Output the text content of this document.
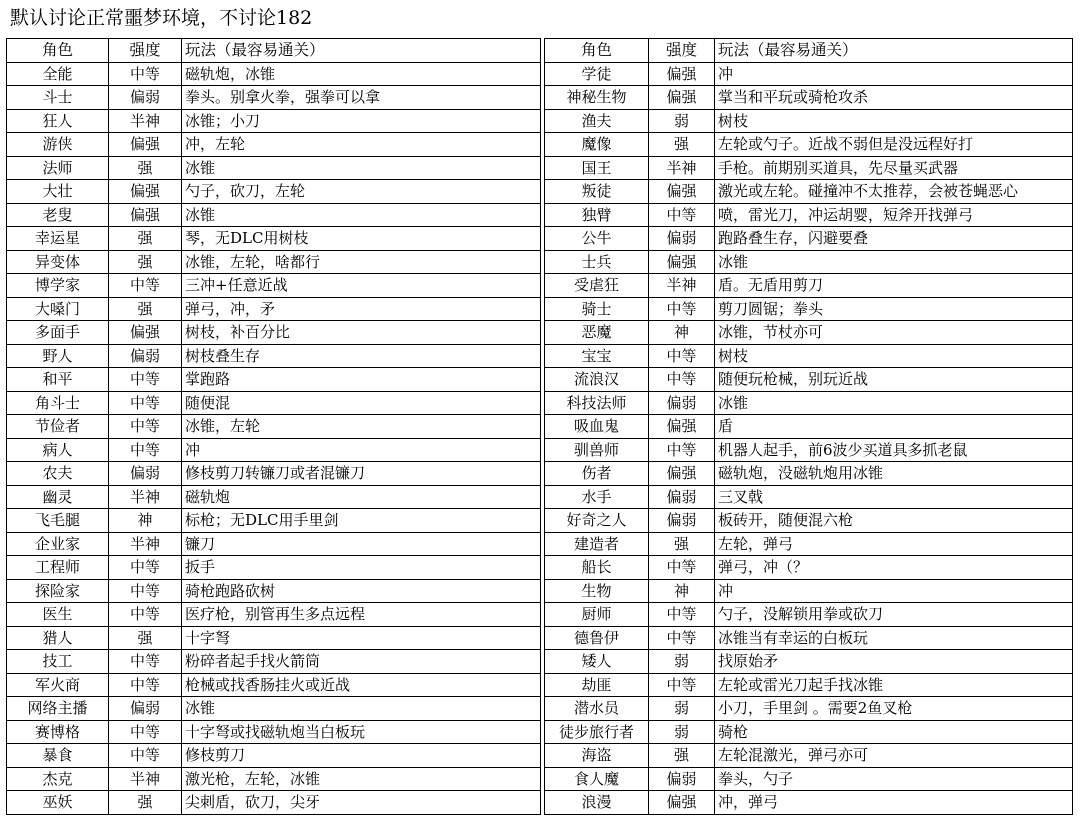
默认讨论正常噩梦环境，不讨论182
角色	强度	玩法（最容易通关）		角色	强度	玩法（最容易通关）
全能	中等	磁轨炮，冰锥		学徒	偏强	冲
斗士	偏弱	拳头。别拿火拳，强拳可以拿		神秘生物	偏强	掌当和平玩或骑枪攻杀
狂人	半神	冰锥；小刀		渔夫	弱	树枝
游侠	偏强	冲，左轮		魔像	强	左轮或勺子。近战不弱但是没远程好打
法师	强	冰锥		国王	半神	手枪。前期别买道具，先尽量买武器
大壮	偏强	勺子，砍刀，左轮		叛徒	偏强	激光或左轮。碰撞冲不太推荐，会被苍蝇恶心
老叟	偏强	冰锥		独臂	中等	喷，雷光刀，冲运胡婴，短斧开找弹弓
幸运星	强	琴，无DLC用树枝		公牛	偏弱	跑路叠生存，闪避要叠
异变体	强	冰锥，左轮，啥都行		士兵	偏强	冰锥
博学家	中等	三冲+任意近战		受虐狂	半神	盾。无盾用剪刀
大嗓门	强	弹弓，冲，矛		骑士	中等	剪刀圆锯；拳头
多面手	偏强	树枝，补百分比		恶魔	神	冰锥，节杖亦可
野人	偏弱	树枝叠生存		宝宝	中等	树枝
和平	中等	掌跑路		流浪汉	中等	随便玩枪械，别玩近战
角斗士	中等	随便混		科技法师	偏弱	冰锥
节俭者	中等	冰锥，左轮		吸血鬼	偏强	盾
病人	中等	冲		驯兽师	中等	机器人起手，前6波少买道具多抓老鼠
农夫	偏弱	修枝剪刀转镰刀或者混镰刀		伤者	偏强	磁轨炮，没磁轨炮用冰锥
幽灵	半神	磁轨炮		水手	偏弱	三叉戟
飞毛腿	神	标枪；无DLC用手里剑		好奇之人	偏弱	板砖开，随便混六枪
企业家	半神	镰刀		建造者	强	左轮，弹弓
工程师	中等	扳手		船长	中等	弹弓，冲（？
探险家	中等	骑枪跑路砍树		生物	神	冲
医生	中等	医疗枪，别管再生多点远程		厨师	中等	勺子，没解锁用拳或砍刀
猎人	强	十字弩		德鲁伊	中等	冰锥当有幸运的白板玩
技工	中等	粉碎者起手找火箭筒		矮人	弱	找原始矛
军火商	中等	枪械或找香肠挂火或近战		劫匪	中等	左轮或雷光刀起手找冰锥
网络主播	偏弱	冰锥		潜水员	弱	小刀，手里剑 。需要2鱼叉枪
赛博格	中等	十字弩或找磁轨炮当白板玩		徒步旅行者	弱	骑枪
暴食	中等	修枝剪刀		海盗	强	左轮混激光，弹弓亦可
杰克	半神	激光枪，左轮，冰锥		食人魔	偏弱	拳头，勺子
巫妖	强	尖刺盾，砍刀，尖牙		浪漫	偏强	冲，弹弓
